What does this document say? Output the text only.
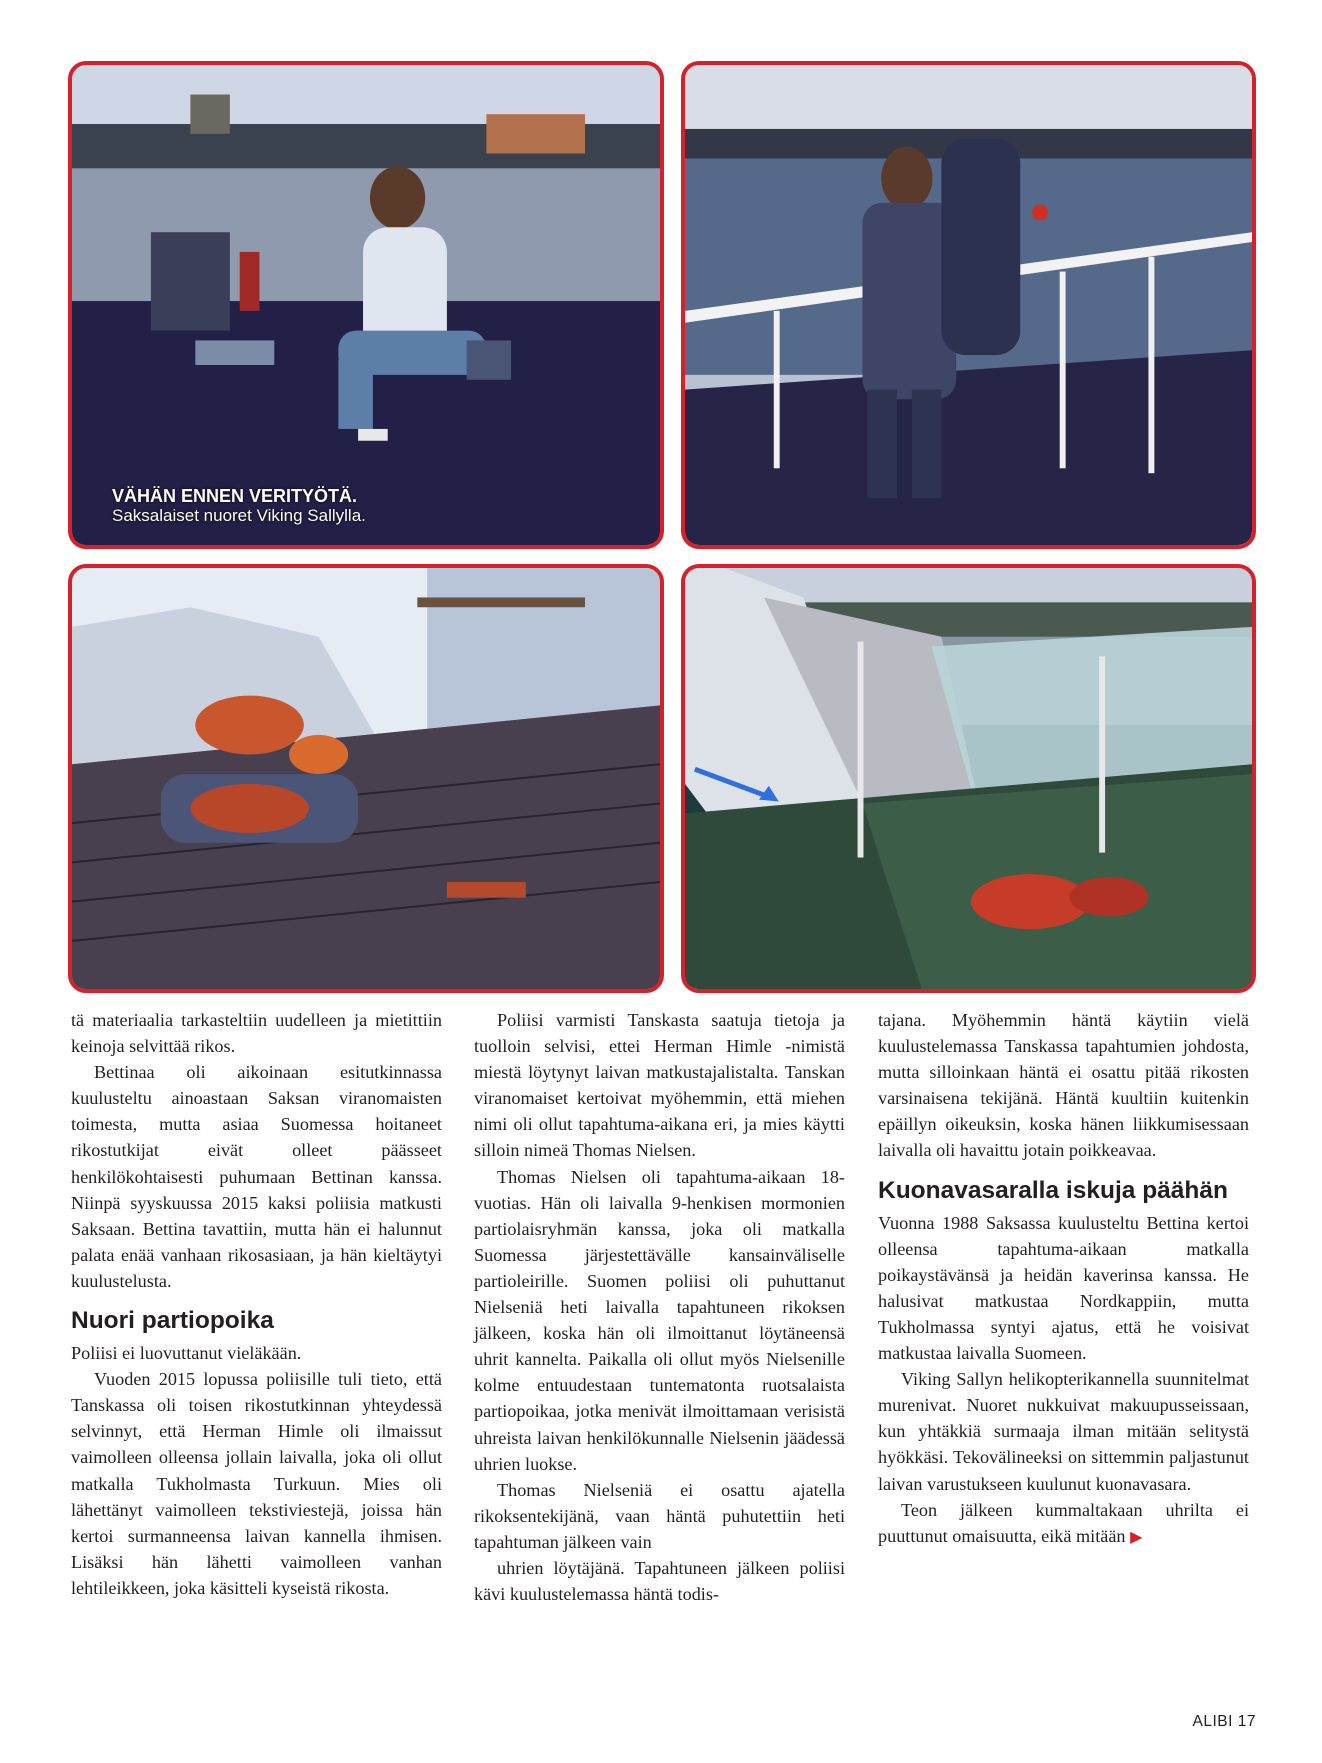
VÄHÄN ENNEN VERITYÖTÄ.
Saksalaiset nuoret Viking Sallylla.

tä materiaalia tarkasteltiin uudelleen ja mietittiin keinoja selvittää rikos.

Bettinaa oli aikoinaan esitutkinnassa kuulusteltu ainoastaan Saksan viranomaisten toimesta, mutta asiaa Suomessa hoitaneet rikostutkijat eivät olleet päässeet henkilökohtaisesti puhumaan Bettinan kanssa. Niinpä syyskuussa 2015 kaksi poliisia matkusti Saksaan. Bettina tavattiin, mutta hän ei halunnut palata enää vanhaan rikosasiaan, ja hän kieltäytyi kuulustelusta.

Nuori partiopoika

Poliisi ei luovuttanut vieläkään.

Vuoden 2015 lopussa poliisille tuli tieto, että Tanskassa oli toisen rikostutkinnan yhteydessä selvinnyt, että Herman Himle oli ilmaissut vaimolleen olleensa jollain laivalla, joka oli ollut matkalla Tukholmasta Turkuun. Mies oli lähettänyt vaimolleen tekstiviestejä, joissa hän kertoi surmanneensa laivan kannella ihmisen. Lisäksi hän lähetti vaimolleen vanhan lehtileikkeen, joka käsitteli kyseistä rikosta.

Poliisi varmisti Tanskasta saatuja tietoja ja tuolloin selvisi, ettei Herman Himle -nimistä miestä löytynyt laivan matkustajalistalta. Tanskan viranomaiset kertoivat myöhemmin, että miehen nimi oli ollut tapahtuma-aikana eri, ja mies käytti silloin nimeä Thomas Nielsen.

Thomas Nielsen oli tapahtuma-aikaan 18-vuotias. Hän oli laivalla 9-henkisen mormonien partiolaisryhmän kanssa, joka oli matkalla Suomessa järjestettävälle kansainväliselle partioleirille. Suomen poliisi oli puhuttanut Nielseniä heti laivalla tapahtuneen rikoksen jälkeen, koska hän oli ilmoittanut löytäneensä uhrit kannelta. Paikalla oli ollut myös Nielsenille kolme entuudestaan tuntematonta ruotsalaista partiopoikaa, jotka menivät ilmoittamaan verisistä uhreista laivan henkilökunnalle Nielsenin jäädessä uhrien luokse.

Thomas Nielseniä ei osattu ajatella rikoksentekijänä, vaan häntä puhutettiin heti tapahtuman jälkeen vain

uhrien löytäjänä. Tapahtuneen jälkeen poliisi kävi kuulustelemassa häntä todis-

tajana. Myöhemmin häntä käytiin vielä kuulustelemassa Tanskassa tapahtumien johdosta, mutta silloinkaan häntä ei osattu pitää rikosten varsinaisena tekijänä. Häntä kuultiin kuitenkin epäillyn oikeuksin, koska hänen liikkumisessaan laivalla oli havaittu jotain poikkeavaa.

Kuonavasaralla iskuja päähän

Vuonna 1988 Saksassa kuulusteltu Bettina kertoi olleensa tapahtuma-aikaan matkalla poikaystävänsä ja heidän kaverinsa kanssa. He halusivat matkustaa Nordkappiin, mutta Tukholmassa syntyi ajatus, että he voisivat matkustaa laivalla Suomeen.

Viking Sallyn helikopterikannella suunnitelmat murenivat. Nuoret nukkuivat makuupusseissaan, kun yhtäkkiä surmaaja ilman mitään selitystä hyökkäsi. Tekovälineeksi on sittemmin paljastunut laivan varustukseen kuulunut kuonavasara.

Teon jälkeen kummaltakaan uhrilta ei puuttunut omaisuutta, eikä mitään ▶

ALIBI 17
